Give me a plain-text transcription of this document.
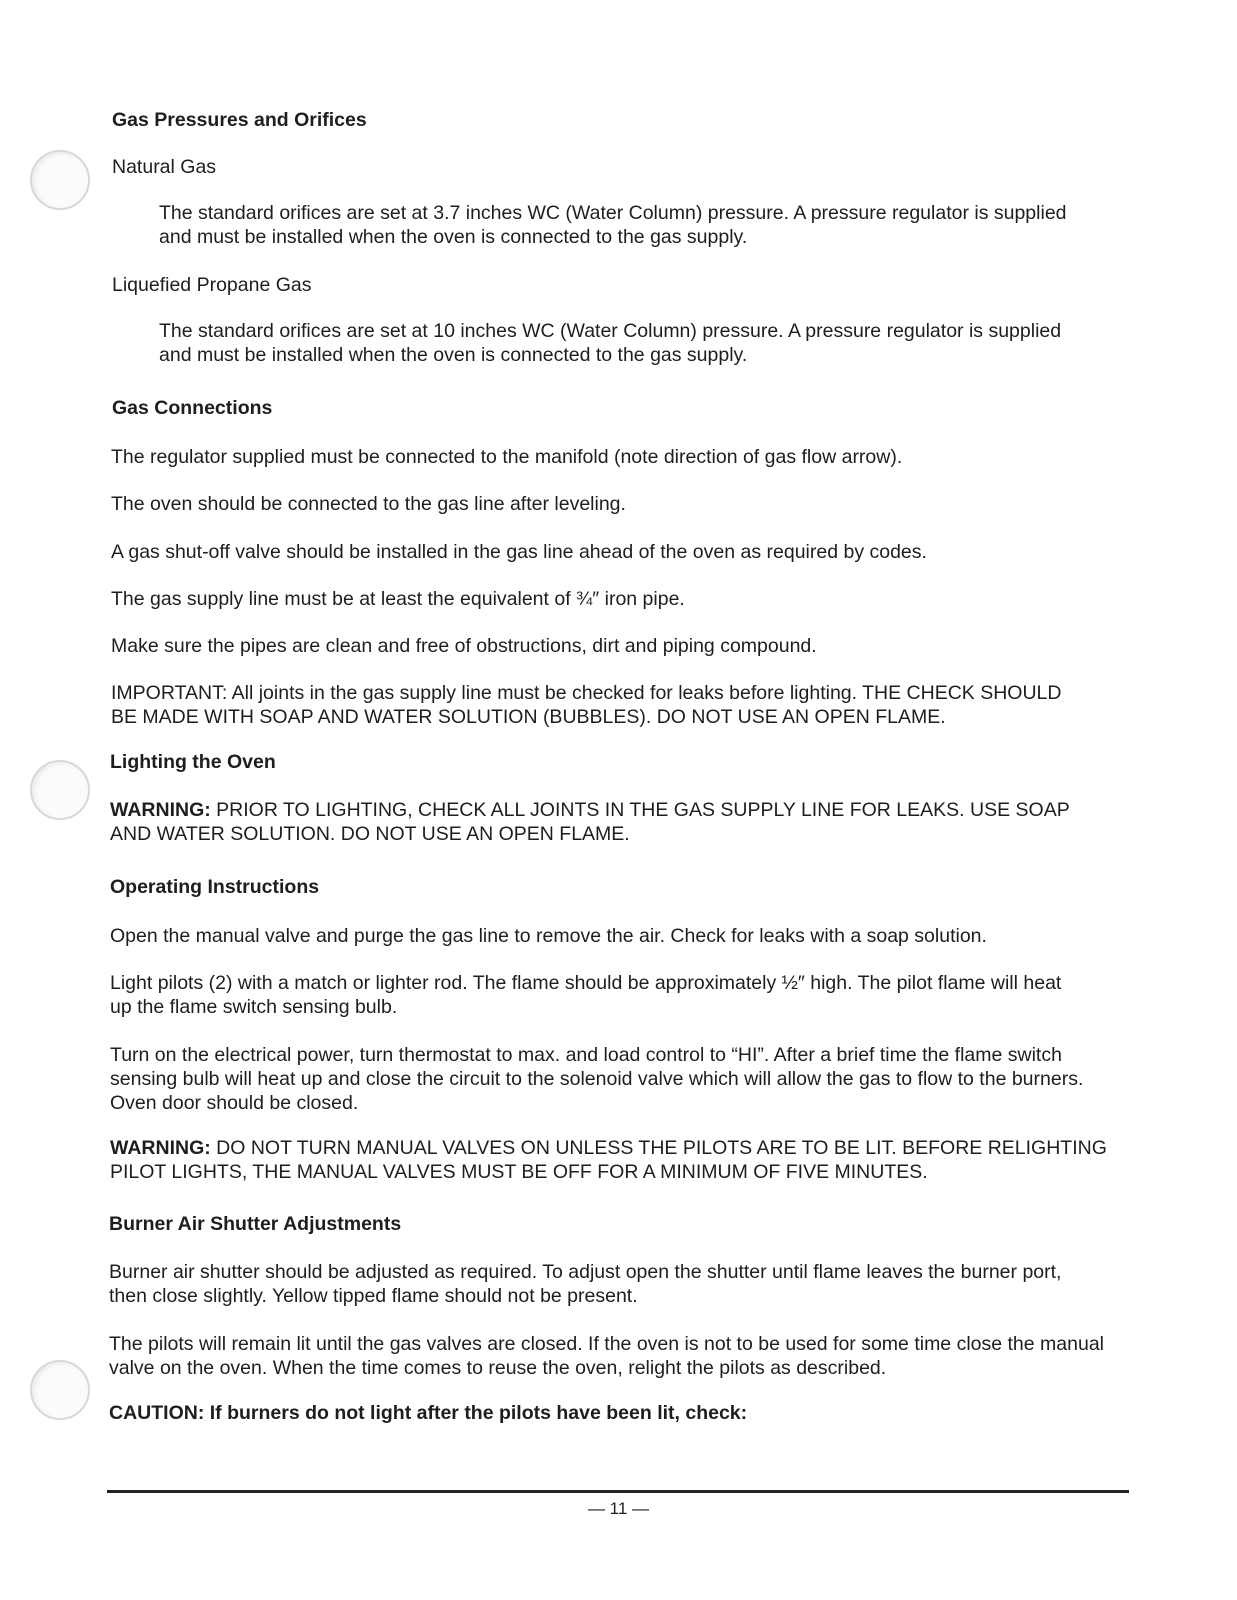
Gas Pressures and Orifices

Natural Gas

The standard orifices are set at 3.7 inches WC (Water Column) pressure. A pressure regulator is supplied

and must be installed when the oven is connected to the gas supply.

Liquefied Propane Gas

The standard orifices are set at 10 inches WC (Water Column) pressure. A pressure regulator is supplied

and must be installed when the oven is connected to the gas supply.

Gas Connections

The regulator supplied must be connected to the manifold (note direction of gas flow arrow).

The oven should be connected to the gas line after leveling.

A gas shut-off valve should be installed in the gas line ahead of the oven as required by codes.

The gas supply line must be at least the equivalent of ¾″ iron pipe.

Make sure the pipes are clean and free of obstructions, dirt and piping compound.

IMPORTANT: All joints in the gas supply line must be checked for leaks before lighting. THE CHECK SHOULD

BE MADE WITH SOAP AND WATER SOLUTION (BUBBLES). DO NOT USE AN OPEN FLAME.

Lighting the Oven

WARNING: PRIOR TO LIGHTING, CHECK ALL JOINTS IN THE GAS SUPPLY LINE FOR LEAKS. USE SOAP

AND WATER SOLUTION. DO NOT USE AN OPEN FLAME.

Operating Instructions

Open the manual valve and purge the gas line to remove the air. Check for leaks with a soap solution.

Light pilots (2) with a match or lighter rod. The flame should be approximately ½″ high. The pilot flame will heat

up the flame switch sensing bulb.

Turn on the electrical power, turn thermostat to max. and load control to “HI”. After a brief time the flame switch

sensing bulb will heat up and close the circuit to the solenoid valve which will allow the gas to flow to the burners.

Oven door should be closed.

WARNING: DO NOT TURN MANUAL VALVES ON UNLESS THE PILOTS ARE TO BE LIT. BEFORE RELIGHTING

PILOT LIGHTS, THE MANUAL VALVES MUST BE OFF FOR A MINIMUM OF FIVE MINUTES.

Burner Air Shutter Adjustments

Burner air shutter should be adjusted as required. To adjust open the shutter until flame leaves the burner port,

then close slightly. Yellow tipped flame should not be present.

The pilots will remain lit until the gas valves are closed. If the oven is not to be used for some time close the manual

valve on the oven. When the time comes to reuse the oven, relight the pilots as described.

CAUTION: If burners do not light after the pilots have been lit, check:

— 11 —
